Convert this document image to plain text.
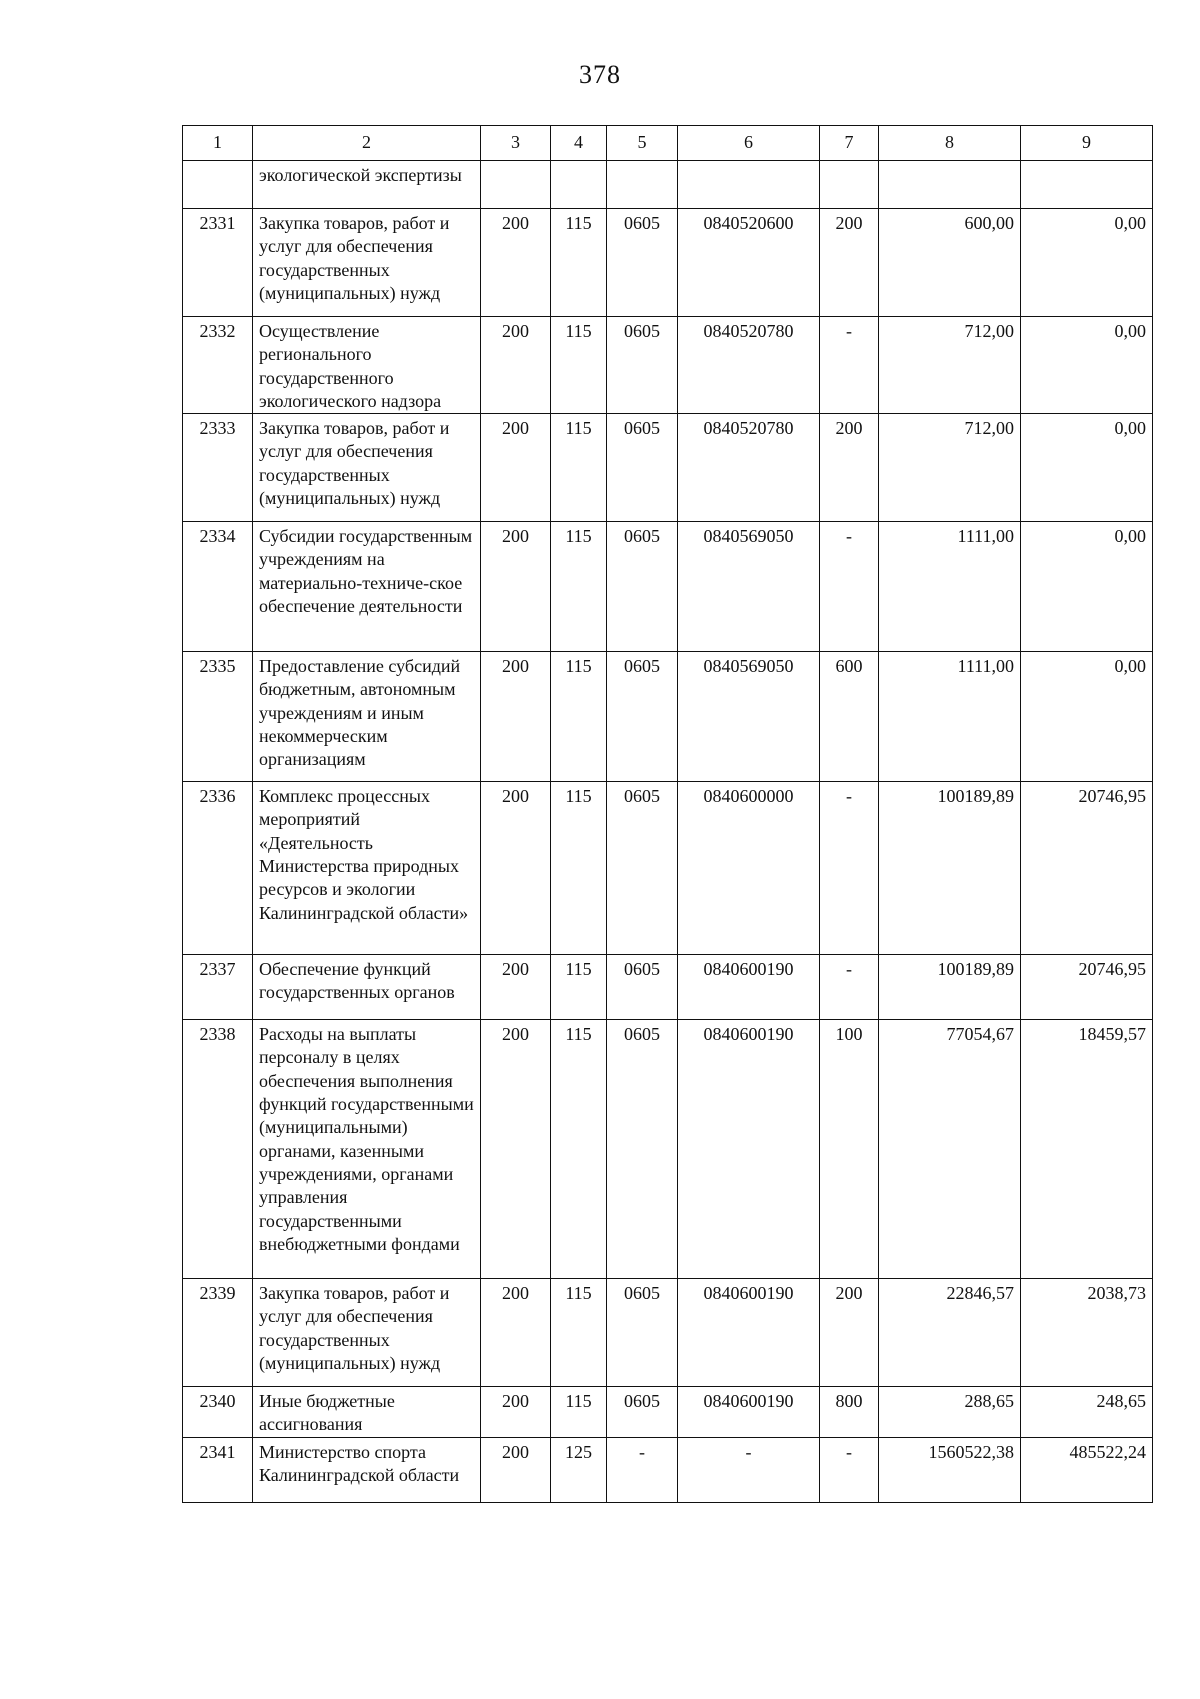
378
1	2	3	4	5	6	7	8	9
	экологической экспертизы							
2331	Закупка товаров, работ и услуг для обеспечения государственных (муниципальных) нужд	200	115	0605	0840520600	200	600,00	0,00
2332	Осуществление регионального государственного экологического надзора	200	115	0605	0840520780	-	712,00	0,00
2333	Закупка товаров, работ и услуг для обеспечения государственных (муниципальных) нужд	200	115	0605	0840520780	200	712,00	0,00
2334	Субсидии государственным учреждениям на материально-техниче-ское обеспечение деятельности	200	115	0605	0840569050	-	1111,00	0,00
2335	Предоставление субсидий бюджетным, автономным учреждениям и иным некоммерческим организациям	200	115	0605	0840569050	600	1111,00	0,00
2336	Комплекс процессных мероприятий «Деятельность Министерства природных ресурсов и экологии Калининградской области»	200	115	0605	0840600000	-	100189,89	20746,95
2337	Обеспечение функций государственных органов	200	115	0605	0840600190	-	100189,89	20746,95
2338	Расходы на выплаты персоналу в целях обеспечения выполнения функций государственными (муниципальными) органами, казенными учреждениями, органами управления государственными внебюджетными фондами	200	115	0605	0840600190	100	77054,67	18459,57
2339	Закупка товаров, работ и услуг для обеспечения государственных (муниципальных) нужд	200	115	0605	0840600190	200	22846,57	2038,73
2340	Иные бюджетные ассигнования	200	115	0605	0840600190	800	288,65	248,65
2341	Министерство спорта Калининградской области	200	125	-	-	-	1560522,38	485522,24
